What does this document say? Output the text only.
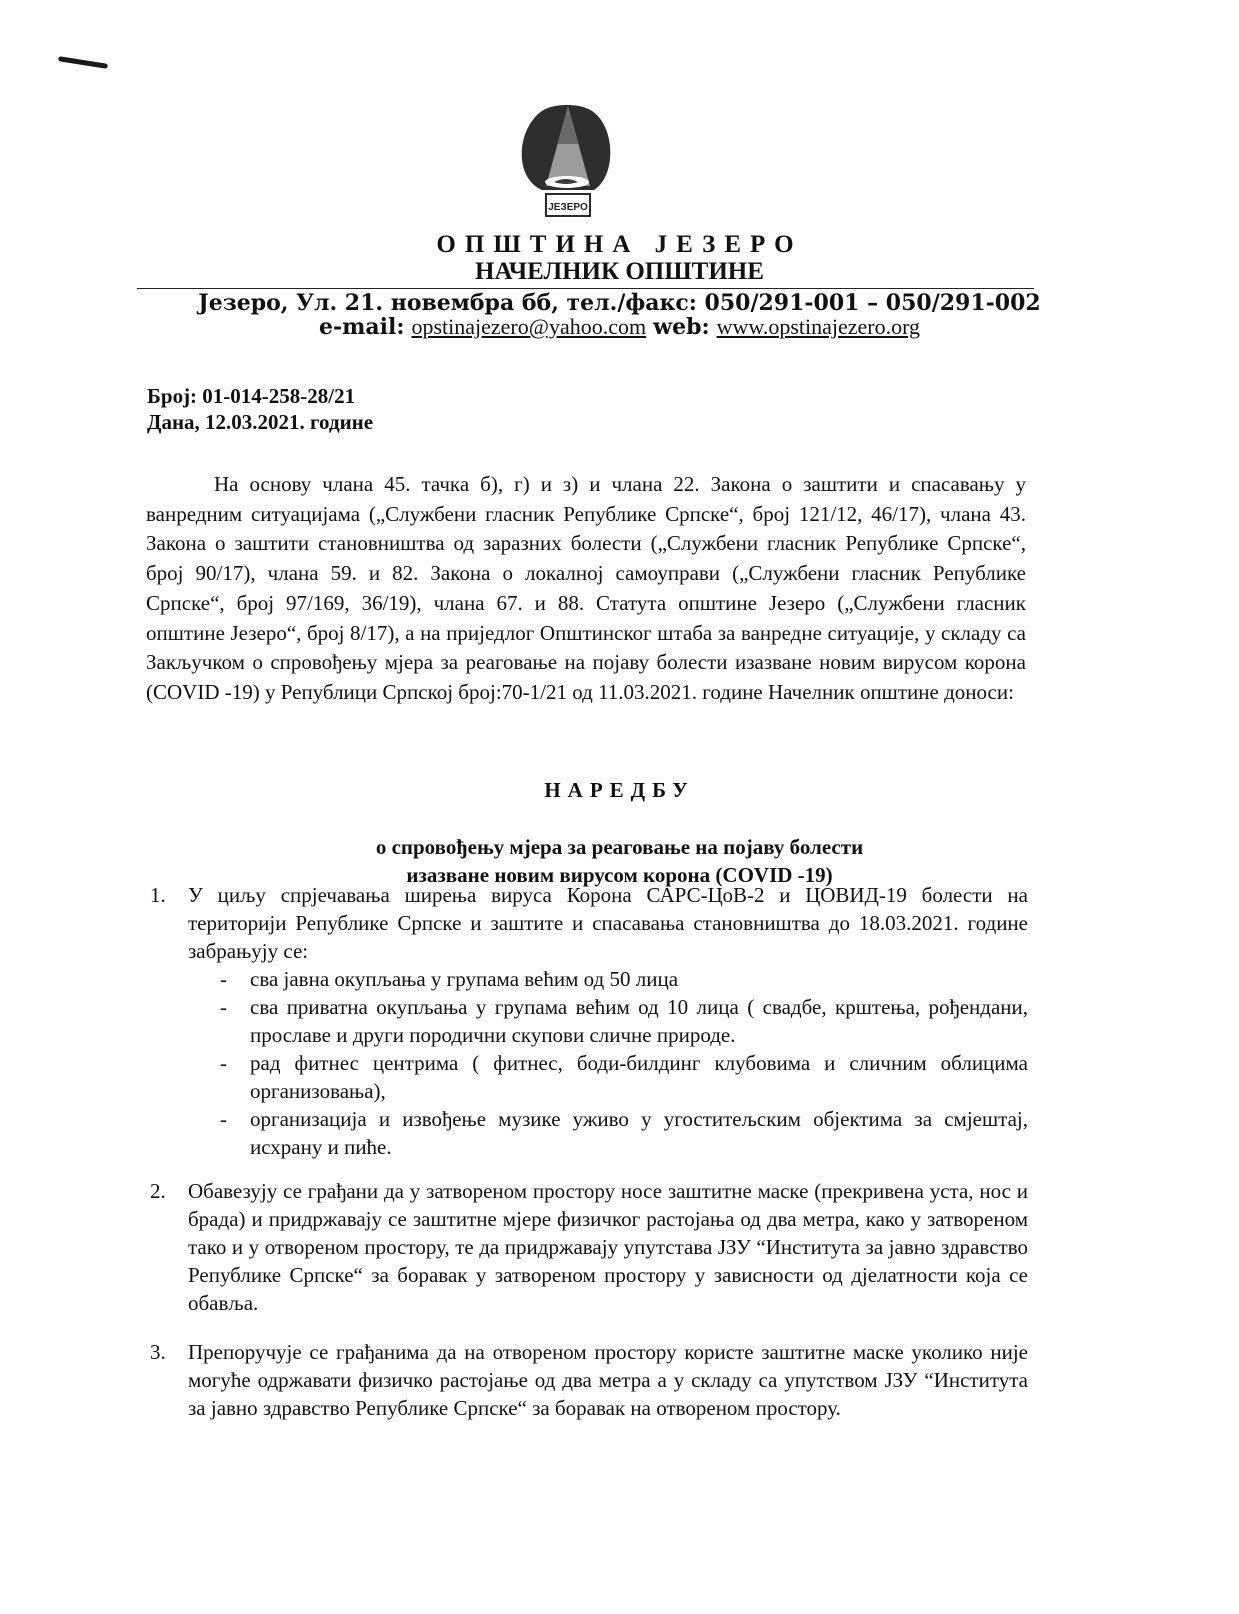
ЈЕЗЕРО
ОПШТИНА ЈЕЗЕРО
НАЧЕЛНИК ОПШТИНЕ
Језеро, Ул. 21. новембра бб, тел./факс: 050/291-001 – 050/291-002
e-mail: opstinajezero@yahoo.com web: www.opstinajezero.org
Број: 01-014-258-28/21
Дана, 12.03.2021. године
На основу члана 45. тачка б), г) и з) и члана 22. Закона о заштити и спасавању у ванредним ситуацијама („Службени гласник Републике Српске“, број 121/12, 46/17), члана 43. Закона о заштити становништва од заразних болести („Службени гласник Републике Српске“, број 90/17), члана 59. и 82. Закона о локалној самоуправи („Службени гласник Републике Српске“, број 97/169, 36/19), члана 67. и 88. Статута општине Језеро („Службени гласник општине Језеро“, број 8/17), а на приједлог Општинског штаба за ванредне ситуације, у складу са Закључком о спровођењу мјера за реаговање на појаву болести изазване новим вирусом корона (COVID -19) у Републици Српској број:70-1/21 од 11.03.2021. године Начелник општине доноси:
НАРЕДБУ
о спровођењу мјера за реаговање на појаву болести
изазване новим вирусом корона (COVID -19)
1. У циљу спрјечавања ширења вируса Корона САРС-ЦоВ-2 и ЦОВИД-19 болести на територији Републике Српске и заштите и спасавања становништва до 18.03.2021. године забрањују се:
- сва јавна окупљања у групама већим од 50 лица
- сва приватна окупљања у групама већим од 10 лица ( свадбе, крштења, рођендани, прославе и други породични скупови сличне природе.
- рад фитнес центрима ( фитнес, боди-билдинг клубовима и сличним облицима организовања),
- организација и извођење музике уживо у угоститељским објектима за смјештај, исхрану и пиће.
2. Обавезују се грађани да у затвореном простору носе заштитне маске (прекривена уста, нос и брада) и придржавају се заштитне мјере физичког растојања од два метра, како у затвореном тако и у отвореном простору, те да придржавају упутстава ЈЗУ “Института за јавно здравство Републике Српске“ за боравак у затвореном простору у зависности од дјелатности која се обавља.
3. Препоручује се грађанима да на отвореном простору користе заштитне маске уколико није могуће одржавати физичко растојање од два метра а у складу са упутством ЈЗУ “Института за јавно здравство Републике Српске“ за боравак на отвореном простору.
